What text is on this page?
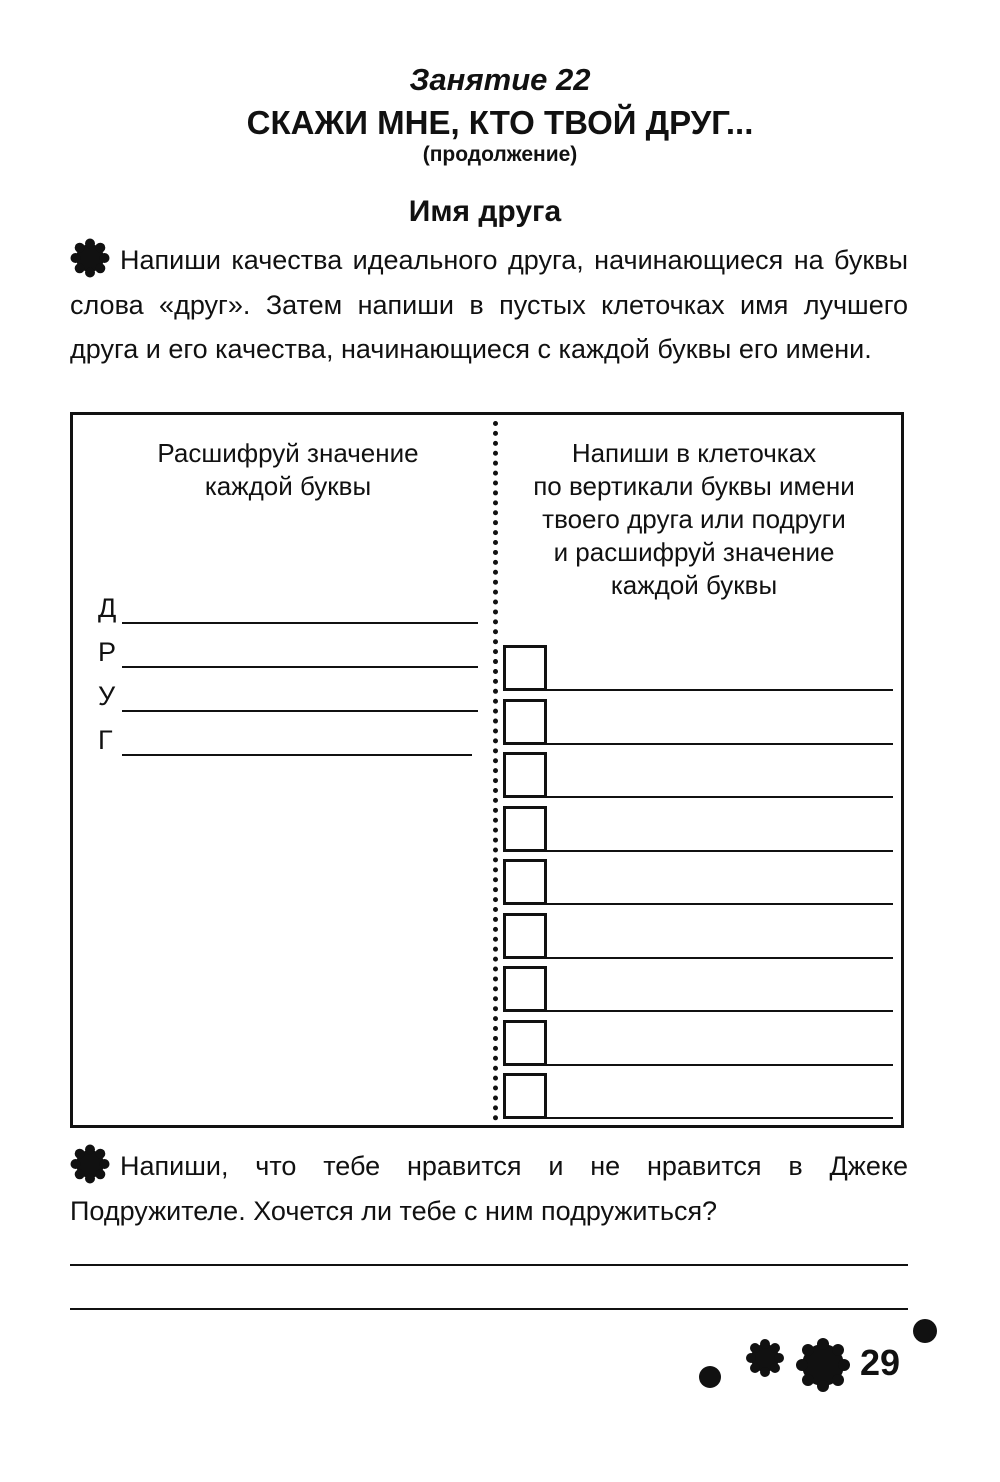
Занятие 22
СКАЖИ МНЕ, КТО ТВОЙ ДРУГ...
(продолжение)
Имя друга
Напиши качества идеального друга, начинающиеся на буквы слова «друг». Затем напиши в пустых клеточках имя лучшего друга и его качества, начинающиеся с каждой буквы его имени.
Расшифруй значение
каждой буквы
Напиши в клеточках
по вертикали буквы имени
твоего друга или подруги
и расшифруй значение
каждой буквы
Д
Р
У
Г
Напиши, что тебе нравится и не нравится в Джеке Подружителе. Хочется ли тебе с ним подружиться?
29
